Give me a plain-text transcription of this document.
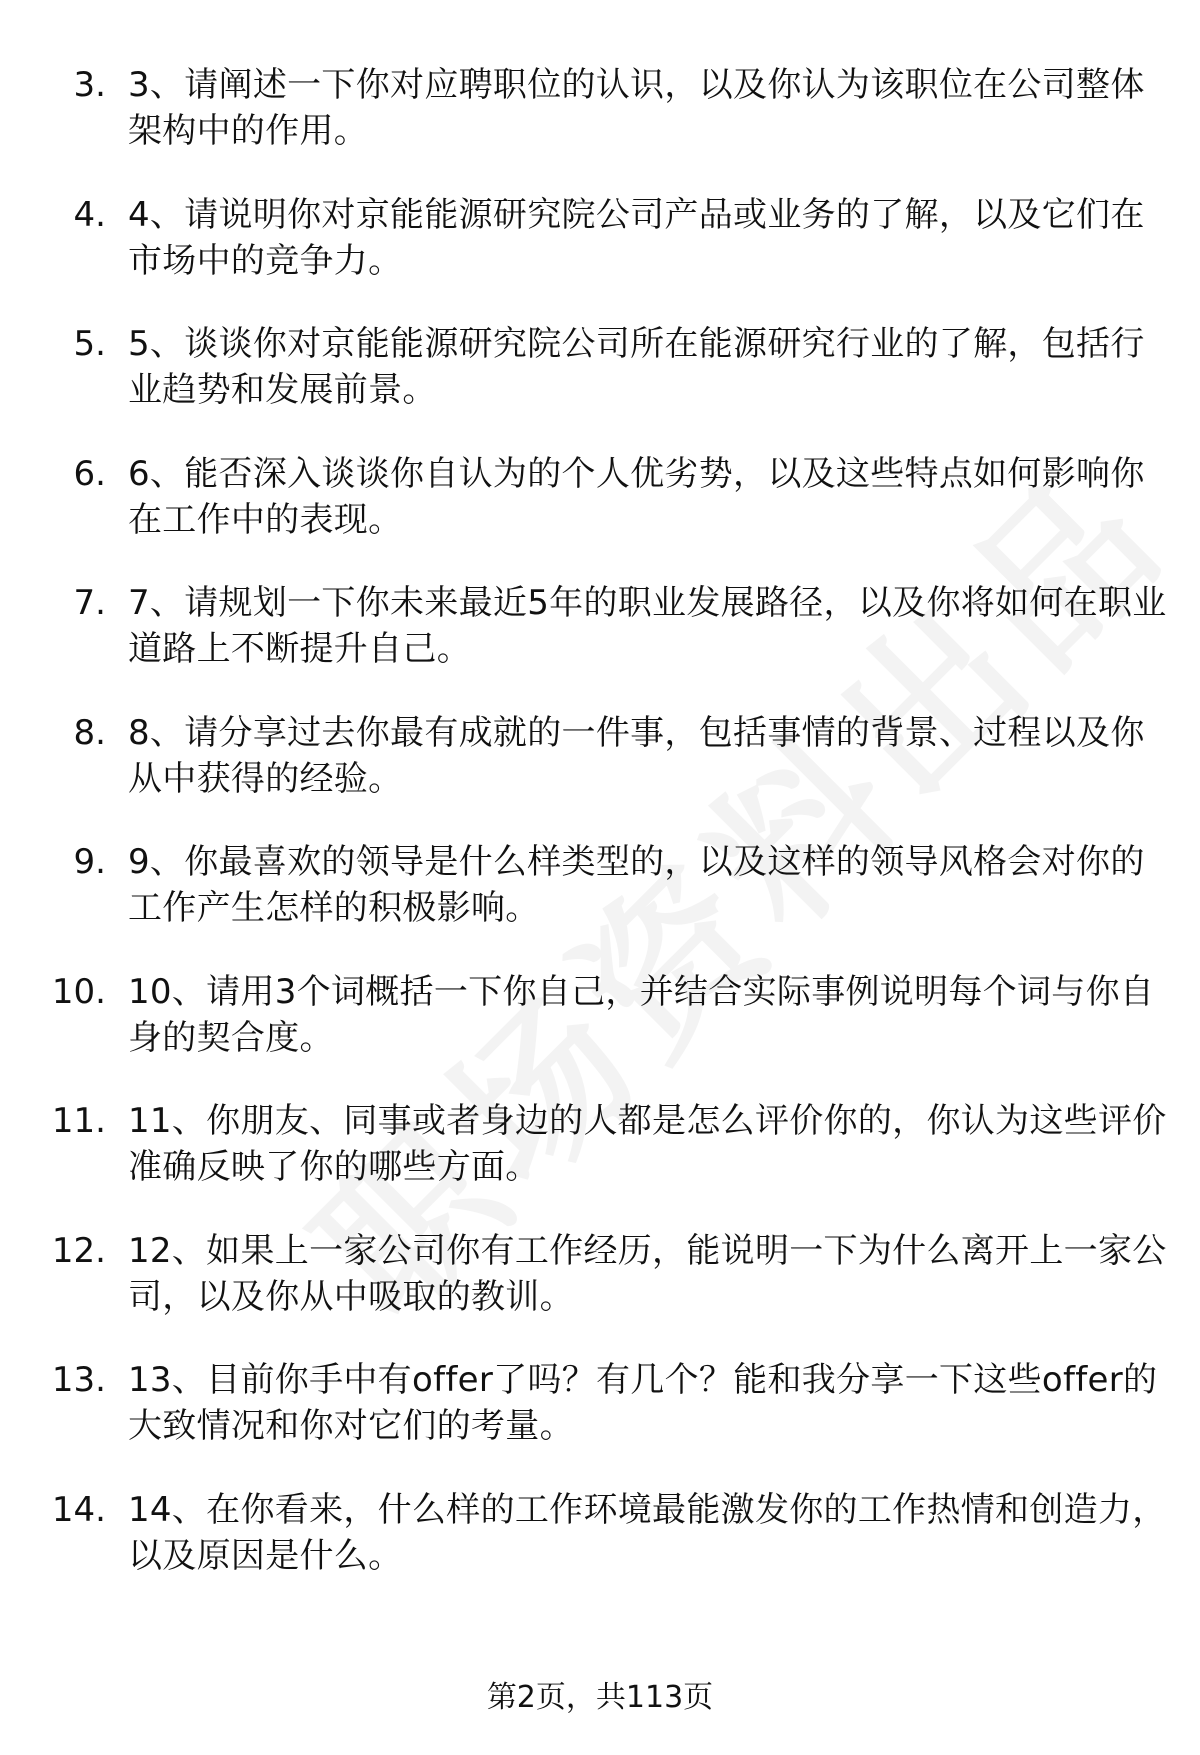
3. 3、请阐述一下你对应聘职位的认识，以及你认为该职位在公司整体架构中的作用。
4. 4、请说明你对京能能源研究院公司产品或业务的了解，以及它们在市场中的竞争力。
5. 5、谈谈你对京能能源研究院公司所在能源研究行业的了解，包括行业趋势和发展前景。
6. 6、能否深入谈谈你自认为的个人优劣势，以及这些特点如何影响你在工作中的表现。
7. 7、请规划一下你未来最近5年的职业发展路径，以及你将如何在职业道路上不断提升自己。
8. 8、请分享过去你最有成就的一件事，包括事情的背景、过程以及你从中获得的经验。
9. 9、你最喜欢的领导是什么样类型的，以及这样的领导风格会对你的工作产生怎样的积极影响。
10. 10、请用3个词概括一下你自己，并结合实际事例说明每个词与你自身的契合度。
11. 11、你朋友、同事或者身边的人都是怎么评价你的，你认为这些评价准确反映了你的哪些方面。
12. 12、如果上一家公司你有工作经历，能说明一下为什么离开上一家公司，以及你从中吸取的教训。
13. 13、目前你手中有offer了吗？有几个？能和我分享一下这些offer的大致情况和你对它们的考量。
14. 14、在你看来，什么样的工作环境最能激发你的工作热情和创造力，以及原因是什么。
第2页，共113页
